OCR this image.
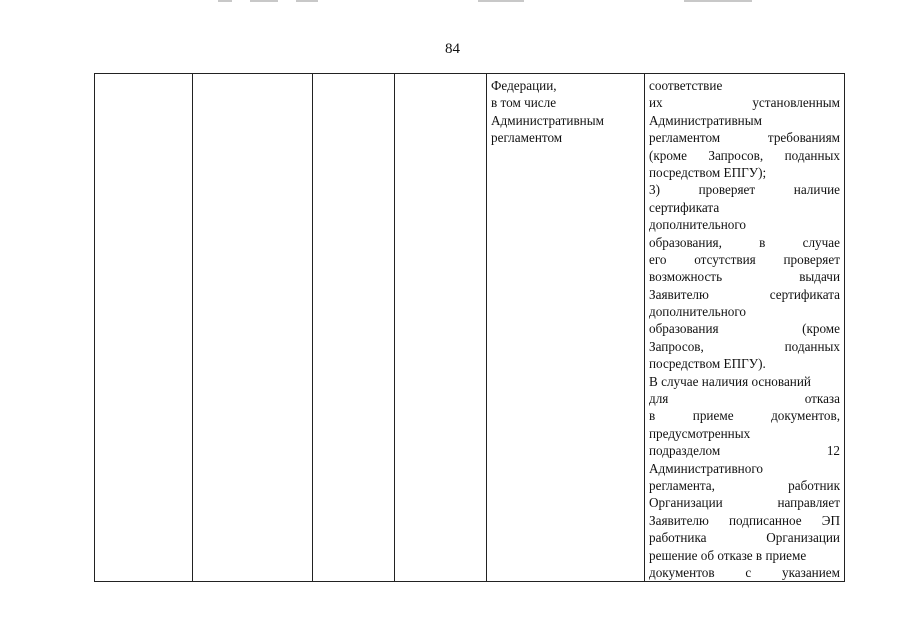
84

Федерации,
в том числе
Административным
регламентом

соответствие
их	установленным
Административным
регламентом	требованиям
(кроме Запросов, поданных
посредством ЕПГУ);
3)	проверяет	наличие
сертификата
дополнительного
образования,	в	случае
его отсутствия проверяет
возможность	выдачи
Заявителю	сертификата
дополнительного
образования	(кроме
Запросов,	поданных
посредством ЕПГУ).
В случае наличия оснований
для	отказа
в	приеме	документов,
предусмотренных
подразделом	12
Административного
регламента,	работник
Организации	направляет
Заявителю подписанное ЭП
работника	Организации
решение об отказе в приеме
документов с указанием
